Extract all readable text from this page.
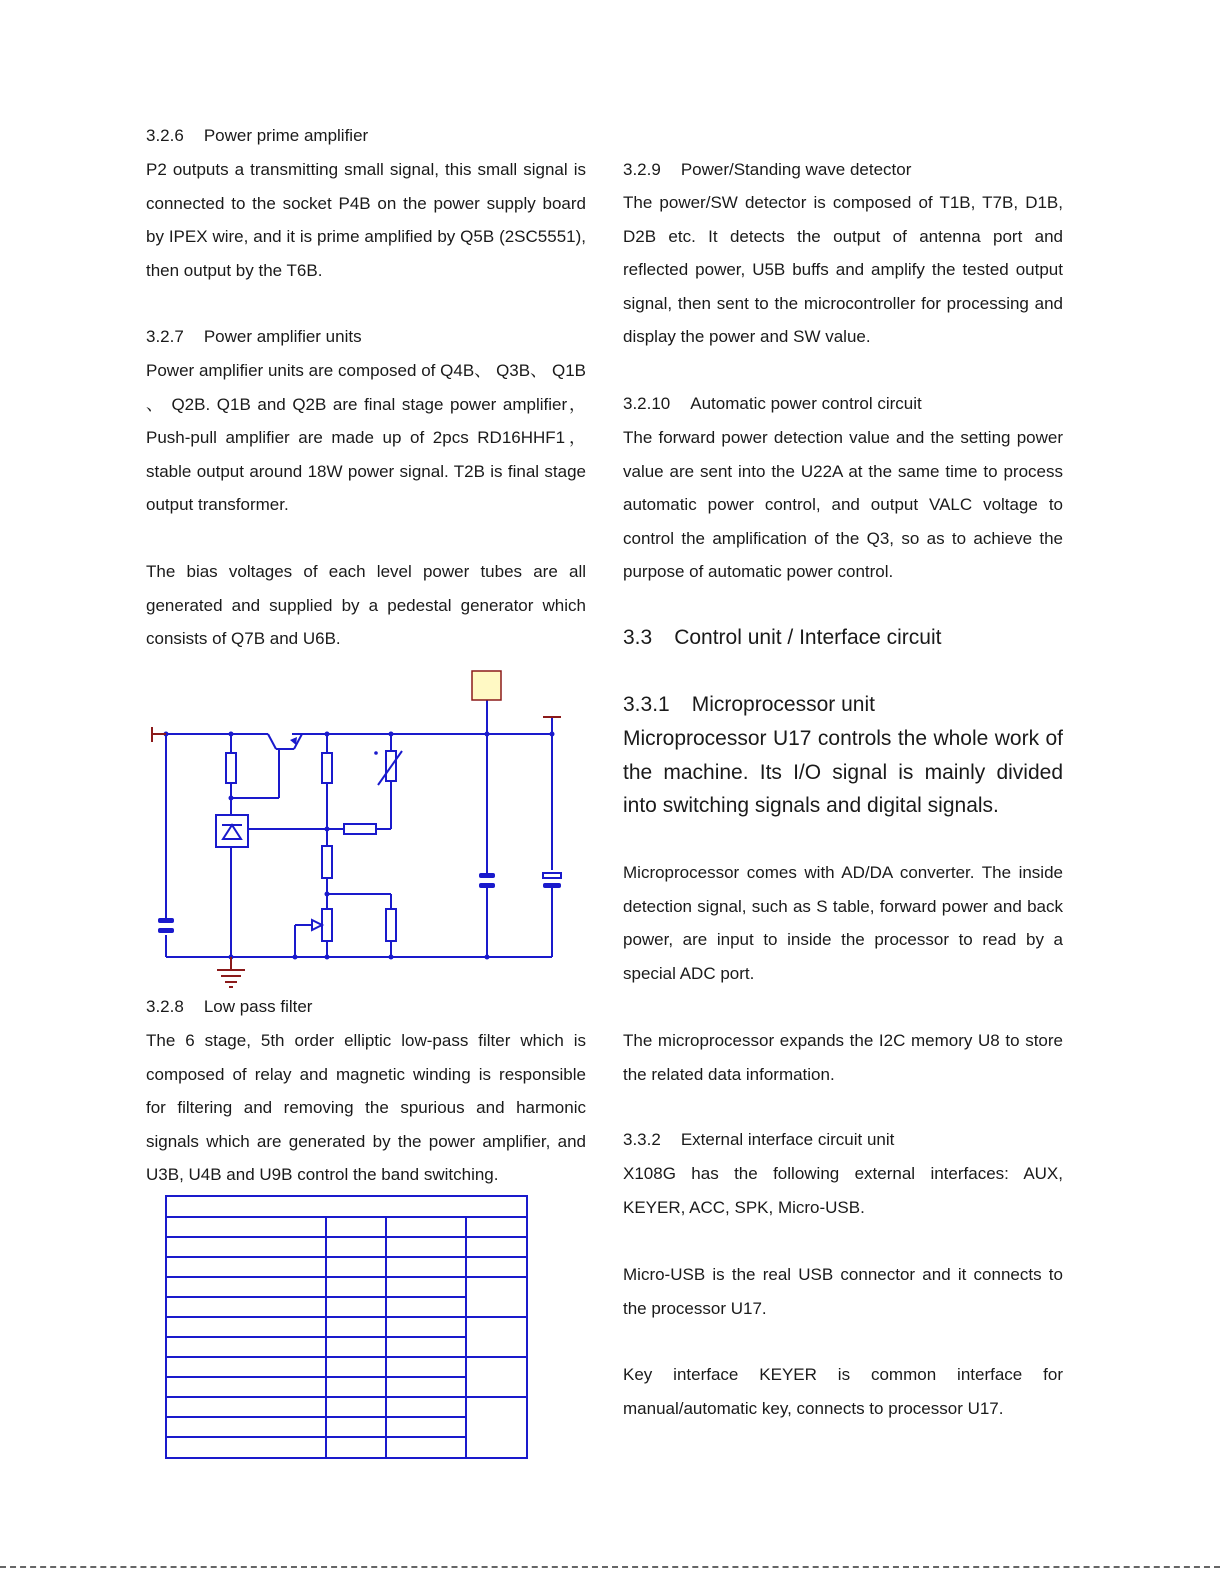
3.2.6 Power prime amplifier
P2 outputs a transmitting small signal, this small signal is connected to the socket P4B on the power supply board by IPEX wire, and it is prime amplified by Q5B (2SC5551), then output by the T6B.
3.2.7 Power amplifier units
Power amplifier units are composed of Q4B、 Q3B、 Q1B 、 Q2B. Q1B and Q2B are final stage power amplifier， Push-pull amplifier are made up of 2pcs RD16HHF1， stable output around 18W power signal. T2B is final stage output transformer.
The bias voltages of each level power tubes are all generated and supplied by a pedestal generator which consists of Q7B and U6B.
3.2.8 Low pass filter
The 6 stage, 5th order elliptic low-pass filter which is composed of relay and magnetic winding is responsible for filtering and removing the spurious and harmonic signals which are generated by the power amplifier, and U3B, U4B and U9B control the band switching.
3.2.9 Power/Standing wave detector
The power/SW detector is composed of T1B, T7B, D1B, D2B etc. It detects the output of antenna port and reflected power, U5B buffs and amplify the tested output signal, then sent to the microcontroller for processing and display the power and SW value.
3.2.10 Automatic power control circuit
The forward power detection value and the setting power value are sent into the U22A at the same time to process automatic power control, and output VALC voltage to control the amplification of the Q3, so as to achieve the purpose of automatic power control.
3.3 Control unit / Interface circuit
3.3.1 Microprocessor unit
Microprocessor U17 controls the whole work of the machine. Its I/O signal is mainly divided into switching signals and digital signals.
Microprocessor comes with AD/DA converter. The inside detection signal, such as S table, forward power and back power, are input to inside the processor to read by a special ADC port.
The microprocessor expands the I2C memory U8 to store the related data information.
3.3.2 External interface circuit unit
X108G has the following external interfaces: AUX, KEYER, ACC, SPK, Micro-USB.
Micro-USB is the real USB connector and it connects to the processor U17.
Key interface KEYER is common interface for manual/automatic key, connects to processor U17.
